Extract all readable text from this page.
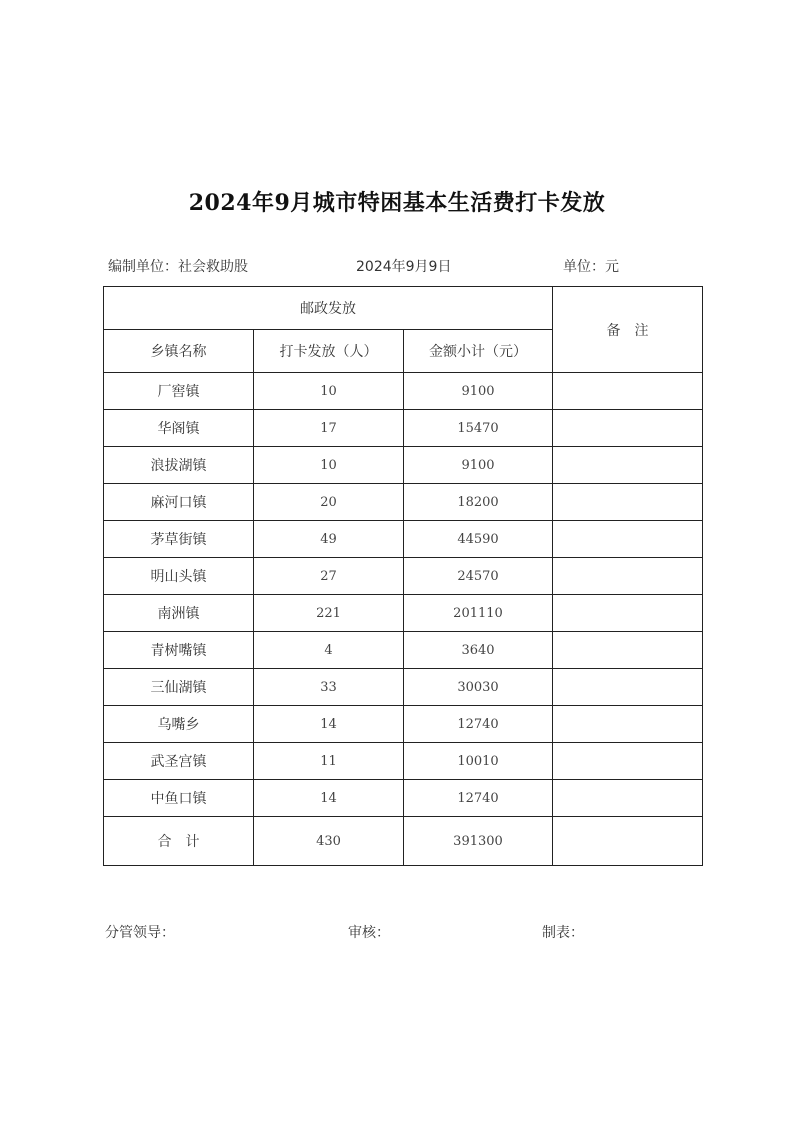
2024年9月城市特困基本生活费打卡发放
编制单位：社会救助股	2024年9月9日	单位：元
邮政发放			备　注
乡镇名称	打卡发放（人）	金额小计（元）	
厂窖镇	10	9100	
华阁镇	17	15470	
浪拔湖镇	10	9100	
麻河口镇	20	18200	
茅草街镇	49	44590	
明山头镇	27	24570	
南洲镇	221	201110	
青树嘴镇	4	3640	
三仙湖镇	33	30030	
乌嘴乡	14	12740	
武圣宫镇	11	10010	
中鱼口镇	14	12740	
合　计	430	391300	
分管领导：	审核：	制表：
